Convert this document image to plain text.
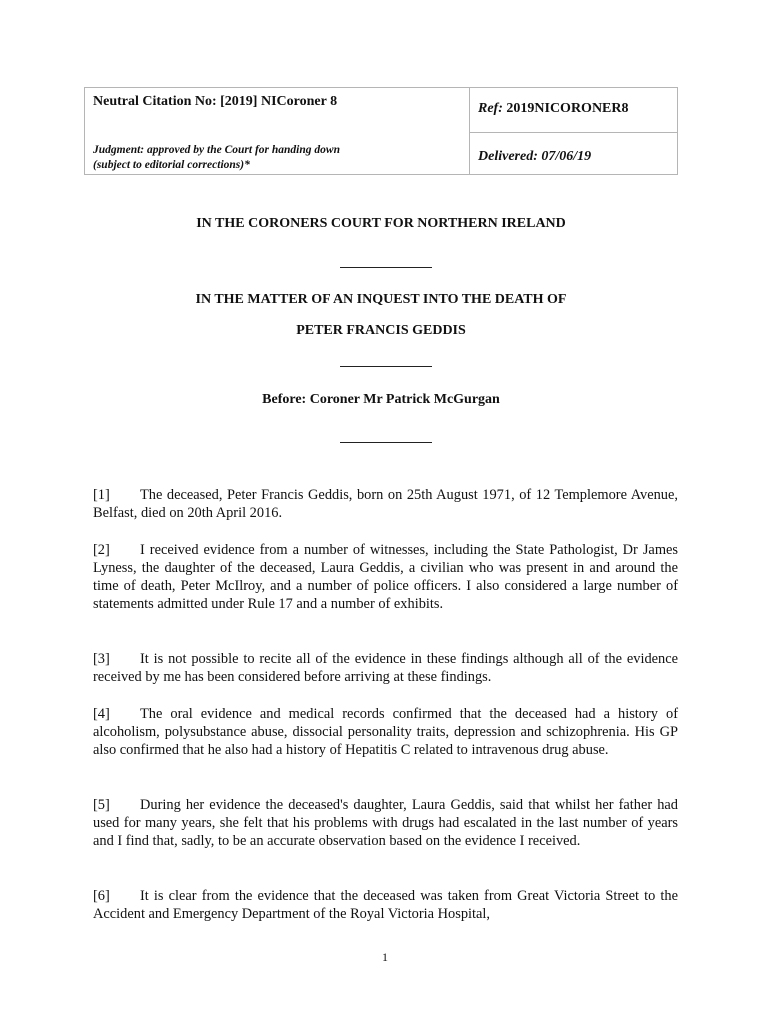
Neutral Citation No: [2019] NICoroner 8
Judgment: approved by the Court for handing down
(subject to editorial corrections)*
Ref: 2019NICORONER8
Delivered: 07/06/19
IN THE CORONERS COURT FOR NORTHERN IRELAND
IN THE MATTER OF AN INQUEST INTO THE DEATH OF
PETER FRANCIS GEDDIS
Before: Coroner Mr Patrick McGurgan

[1] The deceased, Peter Francis Geddis, born on 25th August 1971, of 12 Templemore Avenue, Belfast, died on 20th April 2016.

[2] I received evidence from a number of witnesses, including the State Pathologist, Dr James Lyness, the daughter of the deceased, Laura Geddis, a civilian who was present in and around the time of death, Peter McIlroy, and a number of police officers. I also considered a large number of statements admitted under Rule 17 and a number of exhibits.

[3] It is not possible to recite all of the evidence in these findings although all of the evidence received by me has been considered before arriving at these findings.

[4] The oral evidence and medical records confirmed that the deceased had a history of alcoholism, polysubstance abuse, dissocial personality traits, depression and schizophrenia. His GP also confirmed that he also had a history of Hepatitis C related to intravenous drug abuse.

[5] During her evidence the deceased's daughter, Laura Geddis, said that whilst her father had used for many years, she felt that his problems with drugs had escalated in the last number of years and I find that, sadly, to be an accurate observation based on the evidence I received.

[6] It is clear from the evidence that the deceased was taken from Great Victoria Street to the Accident and Emergency Department of the Royal Victoria Hospital,

1
